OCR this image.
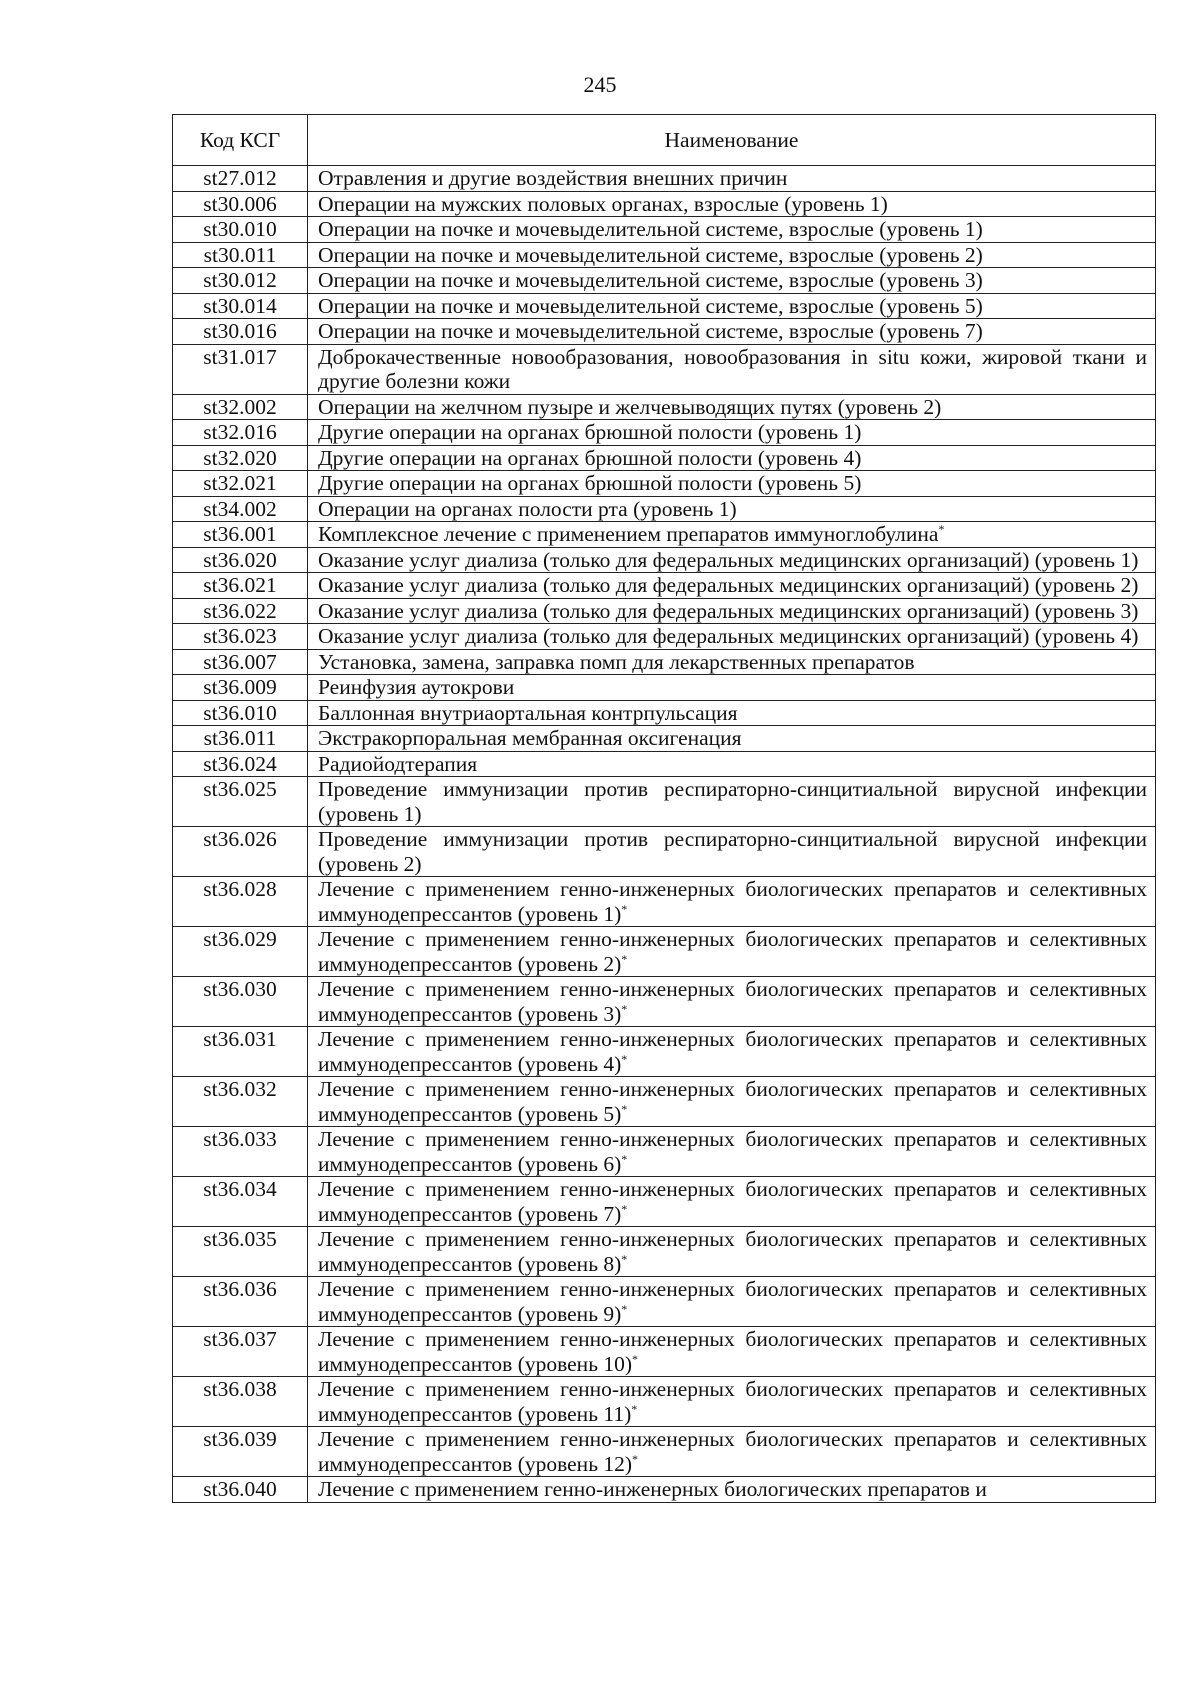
245
Код КСГ	Наименование
st27.012	Отравления и другие воздействия внешних причин
st30.006	Операции на мужских половых органах, взрослые (уровень 1)
st30.010	Операции на почке и мочевыделительной системе, взрослые (уровень 1)
st30.011	Операции на почке и мочевыделительной системе, взрослые (уровень 2)
st30.012	Операции на почке и мочевыделительной системе, взрослые (уровень 3)
st30.014	Операции на почке и мочевыделительной системе, взрослые (уровень 5)
st30.016	Операции на почке и мочевыделительной системе, взрослые (уровень 7)
st31.017	Доброкачественные новообразования, новообразования in situ кожи, жировой ткани и другие болезни кожи
st32.002	Операции на желчном пузыре и желчевыводящих путях (уровень 2)
st32.016	Другие операции на органах брюшной полости (уровень 1)
st32.020	Другие операции на органах брюшной полости (уровень 4)
st32.021	Другие операции на органах брюшной полости (уровень 5)
st34.002	Операции на органах полости рта (уровень 1)
st36.001	Комплексное лечение с применением препаратов иммуноглобулина*
st36.020	Оказание услуг диализа (только для федеральных медицинских организаций) (уровень 1)
st36.021	Оказание услуг диализа (только для федеральных медицинских организаций) (уровень 2)
st36.022	Оказание услуг диализа (только для федеральных медицинских организаций) (уровень 3)
st36.023	Оказание услуг диализа (только для федеральных медицинских организаций) (уровень 4)
st36.007	Установка, замена, заправка помп для лекарственных препаратов
st36.009	Реинфузия аутокрови
st36.010	Баллонная внутриаортальная контрпульсация
st36.011	Экстракорпоральная мембранная оксигенация
st36.024	Радиойодтерапия
st36.025	Проведение иммунизации против респираторно-синцитиальной вирусной инфекции (уровень 1)
st36.026	Проведение иммунизации против респираторно-синцитиальной вирусной инфекции (уровень 2)
st36.028	Лечение с применением генно-инженерных биологических препаратов и селективных иммунодепрессантов (уровень 1)*
st36.029	Лечение с применением генно-инженерных биологических препаратов и селективных иммунодепрессантов (уровень 2)*
st36.030	Лечение с применением генно-инженерных биологических препаратов и селективных иммунодепрессантов (уровень 3)*
st36.031	Лечение с применением генно-инженерных биологических препаратов и селективных иммунодепрессантов (уровень 4)*
st36.032	Лечение с применением генно-инженерных биологических препаратов и селективных иммунодепрессантов (уровень 5)*
st36.033	Лечение с применением генно-инженерных биологических препаратов и селективных иммунодепрессантов (уровень 6)*
st36.034	Лечение с применением генно-инженерных биологических препаратов и селективных иммунодепрессантов (уровень 7)*
st36.035	Лечение с применением генно-инженерных биологических препаратов и селективных иммунодепрессантов (уровень 8)*
st36.036	Лечение с применением генно-инженерных биологических препаратов и селективных иммунодепрессантов (уровень 9)*
st36.037	Лечение с применением генно-инженерных биологических препаратов и селективных иммунодепрессантов (уровень 10)*
st36.038	Лечение с применением генно-инженерных биологических препаратов и селективных иммунодепрессантов (уровень 11)*
st36.039	Лечение с применением генно-инженерных биологических препаратов и селективных иммунодепрессантов (уровень 12)*
st36.040	Лечение с применением генно-инженерных биологических препаратов и
